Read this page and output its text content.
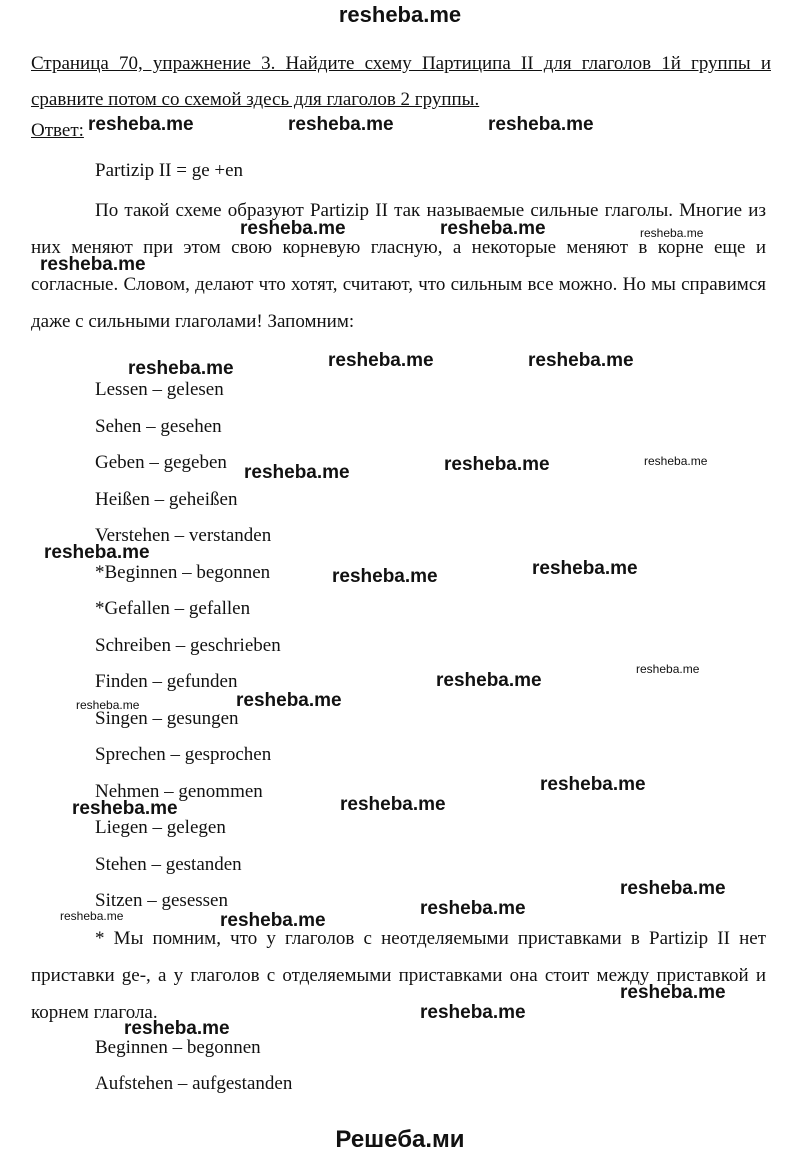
resheba.me
Страница 70, упражнение 3. Найдите схему Партиципа II для глаголов 1й группы и сравните потом со схемой здесь для глаголов 2 группы.
Ответ:
Partizip II = ge +en
По такой схеме образуют Partizip II так называемые сильные глаголы. Многие из них меняют при этом свою корневую гласную, а некоторые меняют в корне еще и согласные. Словом, делают что хотят, считают, что сильным все можно. Но мы справимся даже с сильными глаголами! Запомним:
Lessen – gelesen
Sehen – gesehen
Geben – gegeben
Heißen – geheißen
Verstehen – verstanden
*Beginnen – begonnen
*Gefallen – gefallen
Schreiben – geschrieben
Finden – gefunden
Singen – gesungen
Sprechen – gesprochen
Nehmen – genommen
Liegen – gelegen
Stehen – gestanden
Sitzen – gesessen
* Мы помним, что у глаголов с неотделяемыми приставками в Partizip II нет приставки ge-, а у глаголов с отделяемыми приставками она стоит между приставкой и корнем глагола.
Beginnen – begonnen
Aufstehen – aufgestanden
resheba.me	resheba.me	resheba.me
resheba.me	resheba.me	resheba.me
resheba.me
resheba.me	resheba.me	resheba.me
resheba.me	resheba.me	resheba.me
resheba.me
resheba.me	resheba.me
resheba.me
resheba.me
resheba.me
resheba.me
resheba.me
resheba.me
resheba.me
resheba.me
resheba.me
resheba.me
resheba.me
resheba.me
resheba.me
resheba.me
Решеба.ми
